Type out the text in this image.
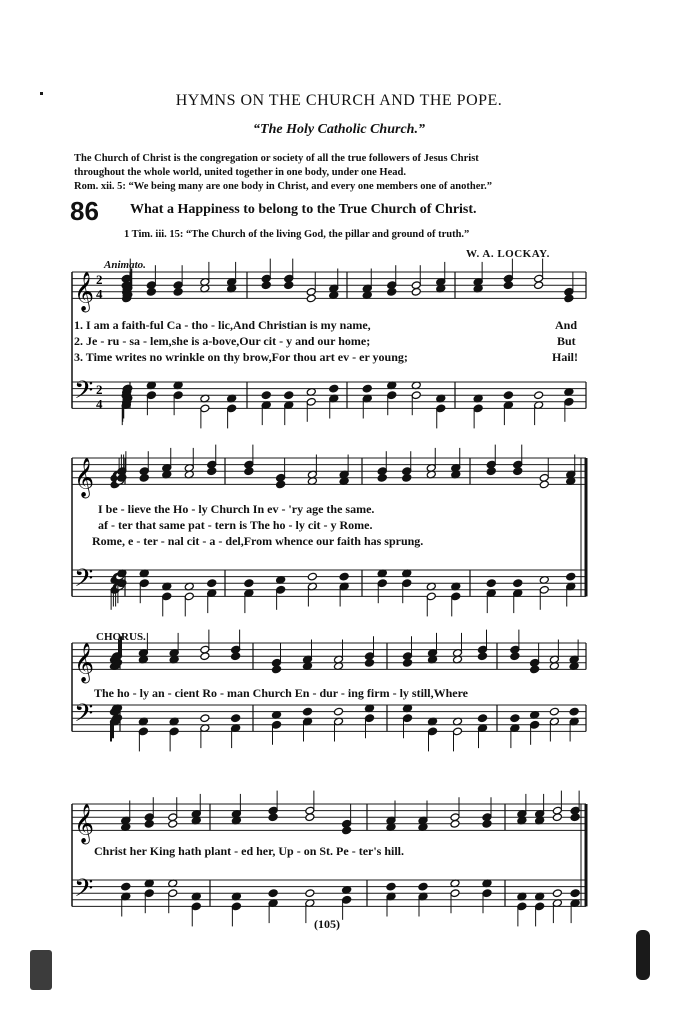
HYMNS ON THE CHURCH AND THE POPE.
“The Holy Catholic Church.”
The Church of Christ is the congregation or society of all the true followers of Jesus Christ
throughout the whole world, united together in one body, under one Head.
Rom. xii. 5: “We being many are one body in Christ, and every one members one of another.”
86 What a Happiness to belong to the True Church of Christ.
1 Tim. iii. 15: “The Church of the living God, the pillar and ground of truth.”
W. A. LOCKAY.
Animato.
𝄞
𝄢
2
4
2
4
𝄞
𝄢
𝄞
𝄢
𝄞
𝄢
1. I am a faith-ful Ca - tho - lic,And Christian is my name,
2. Je - ru - sa - lem,she is a-bove,Our cit - y and our home;
3. Time writes no wrinkle on thy brow,For thou art ev - er young;
And
But
Hail!
I be - lieve the Ho - ly Church In ev - 'ry age the same.
af - ter that same pat - tern is The ho - ly cit - y Rome.
Rome, e - ter - nal cit - a - del,From whence our faith has sprung.
CHORUS.
The ho - ly an - cient Ro - man Church En - dur - ing firm - ly still,Where
Christ her King hath plant - ed her, Up - on St. Pe - ter's hill.
(105)
